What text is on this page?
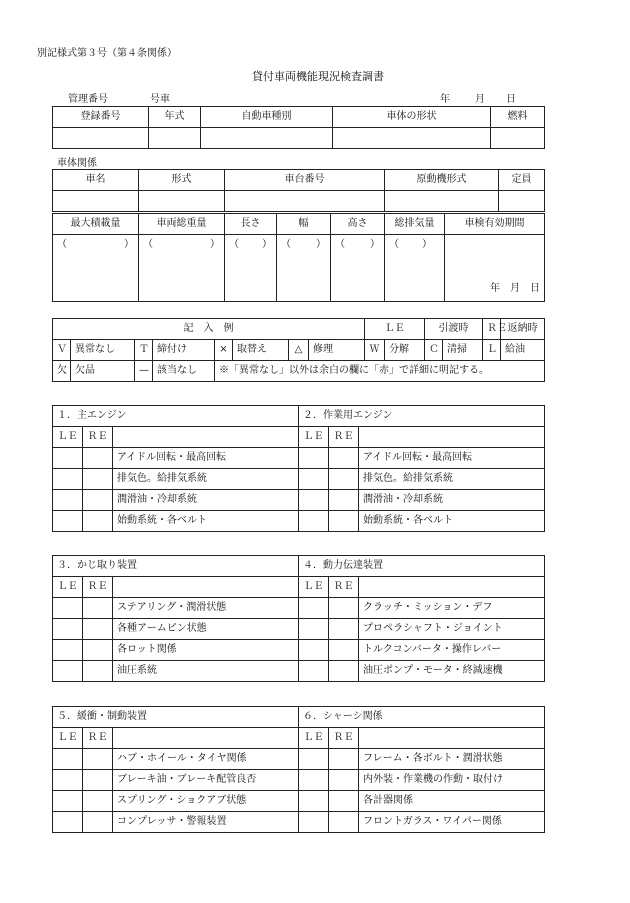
別記様式第３号（第４条関係）
貸付車両機能現況検査調書
管理番号	号車	年	月 日
登録番号	年式	自動車種別	車体の形状	燃料

車体関係
車名	形式	車台番号	原動機形式	定員

最大積載量	車両総重量	長さ	幅	高さ	総排気量	車検有効期間

（ ）	（ ）	（ ）	（ ）	（ ）	（ ）	年　 月　 日
記　入　例								ＬＥ		引渡時		ＲＥ	返納時
Ｖ	異常なし	Ｔ	締付け	×	取替え	△	修理	Ｗ	分解	Ｃ	清掃	Ｌ	給油
欠	欠品	—	該当なし	※「異常なし」以外は余白の欄に「赤」で詳細に明記する。									
１．主エンジン			２．作業用エンジン		
ＬＥ	ＲＥ		ＬＥ	ＲＥ	
		アイドル回転・最高回転			アイドル回転・最高回転
		排気色。給排気系統			排気色。給排気系統
		潤滑油・冷却系統			潤滑油・冷却系統
		始動系統・各ベルト			始動系統・各ベルト
３．かじ取り装置			４．動力伝達装置		
ＬＥ	ＲＥ		ＬＥ	ＲＥ	
		ステアリング・潤滑状態			クラッチ・ミッション・デフ
		各種アームピン状態			プロペラシャフト・ジョイント
		各ロット関係			トルクコンバータ・操作レバー
		油圧系統			油圧ポンプ・モータ・終減速機
５．緩衝・制動装置			６．シャーシ関係		
ＬＥ	ＲＥ		ＬＥ	ＲＥ	
		ハブ・ホイール・タイヤ関係			フレーム・各ボルト・潤滑状態
		ブレーキ油・ブレーキ配管良否			内外装・作業機の作動・取付け
		スプリング・ショクアブ状態			各計器関係
		コンプレッサ・警報装置			フロントガラス・ワイパー関係
